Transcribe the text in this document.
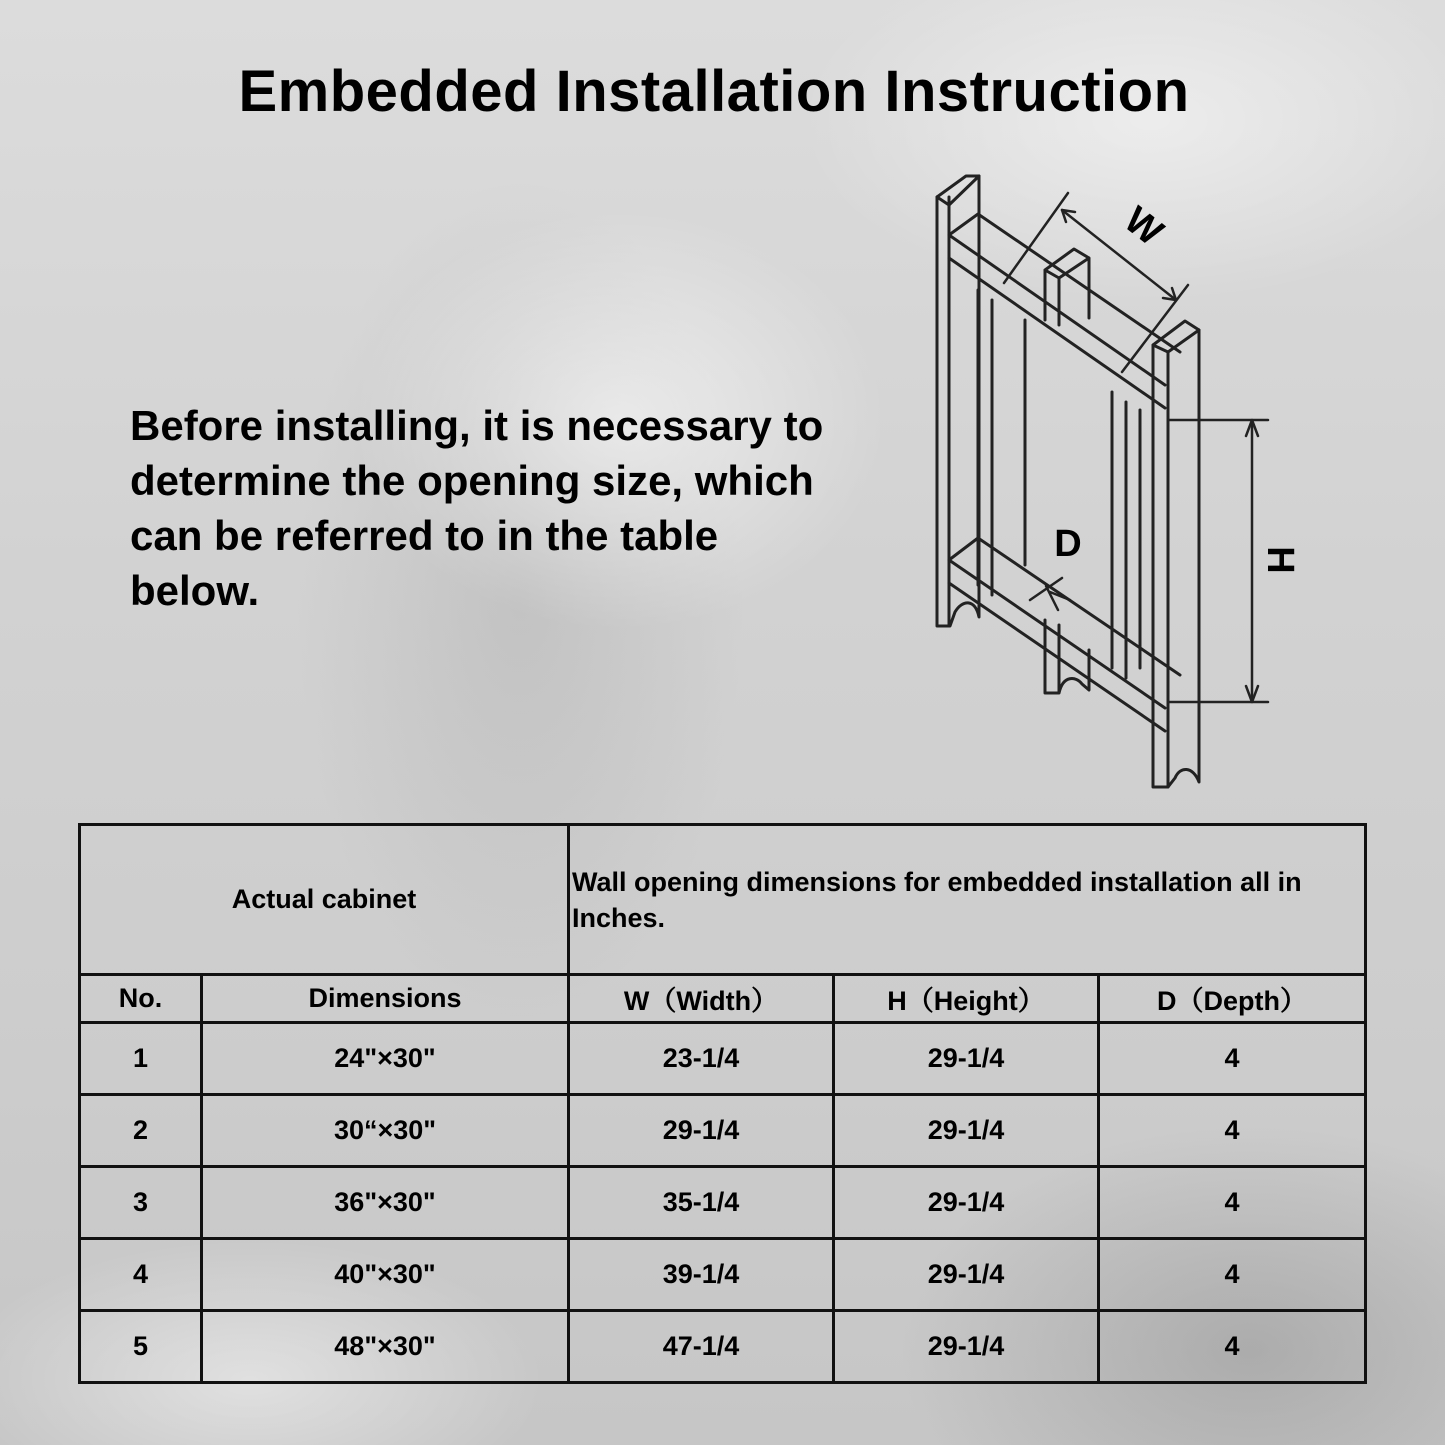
Embedded Installation Instruction
Before installing, it is necessary to determine the opening size, which can be referred to in the table below.
W
D	H
Actual cabinet		Wall opening dimensions for embedded installation all in Inches.		
No.	Dimensions	W（Width）	H（Height）	D（Depth）
1	24"×30"	23-1/4	29-1/4	4
2	30“×30"	29-1/4	29-1/4	4
3	36"×30"	35-1/4	29-1/4	4
4	40"×30"	39-1/4	29-1/4	4
5	48"×30"	47-1/4	29-1/4	4
